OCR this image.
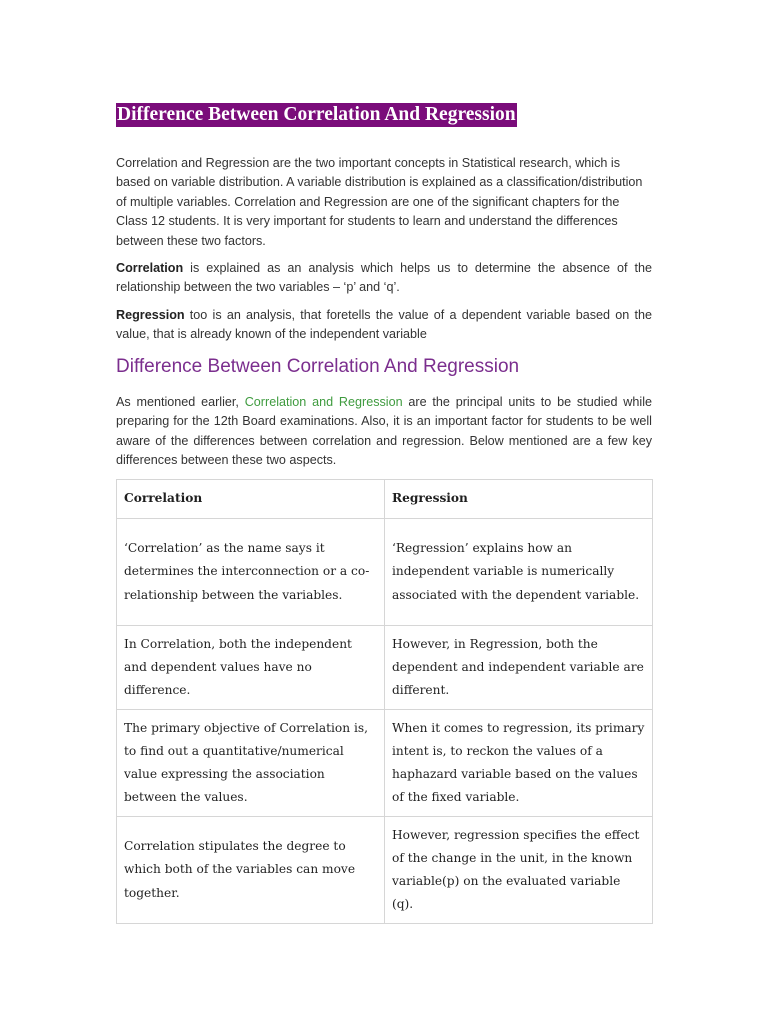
Difference Between Correlation And Regression

Correlation and Regression are the two important concepts in Statistical research, which is based on variable distribution. A variable distribution is explained as a classification/distribution of multiple variables. Correlation and Regression are one of the significant chapters for the Class 12 students. It is very important for students to learn and understand the differences between these two factors.

Correlation is explained as an analysis which helps us to determine the absence of the relationship between the two variables – ‘p’ and ‘q’.

Regression too is an analysis, that foretells the value of a dependent variable based on the value, that is already known of the independent variable

Difference Between Correlation And Regression

As mentioned earlier, Correlation and Regression are the principal units to be studied while preparing for the 12th Board examinations. Also, it is an important factor for students to be well aware of the differences between correlation and regression. Below mentioned are a few key differences between these two aspects.

Correlation	Regression
‘Correlation’ as the name says it determines the interconnection or a co-relationship between the variables.	‘Regression’ explains how an independent variable is numerically associated with the dependent variable.
In Correlation, both the independent and dependent values have no difference.	However, in Regression, both the dependent and independent variable are different.
The primary objective of Correlation is, to find out a quantitative/numerical value expressing the association between the values.	When it comes to regression, its primary intent is, to reckon the values of a haphazard variable based on the values of the fixed variable.
Correlation stipulates the degree to which both of the variables can move together.	However, regression specifies the effect of the change in the unit, in the known variable(p) on the evaluated variable (q).
